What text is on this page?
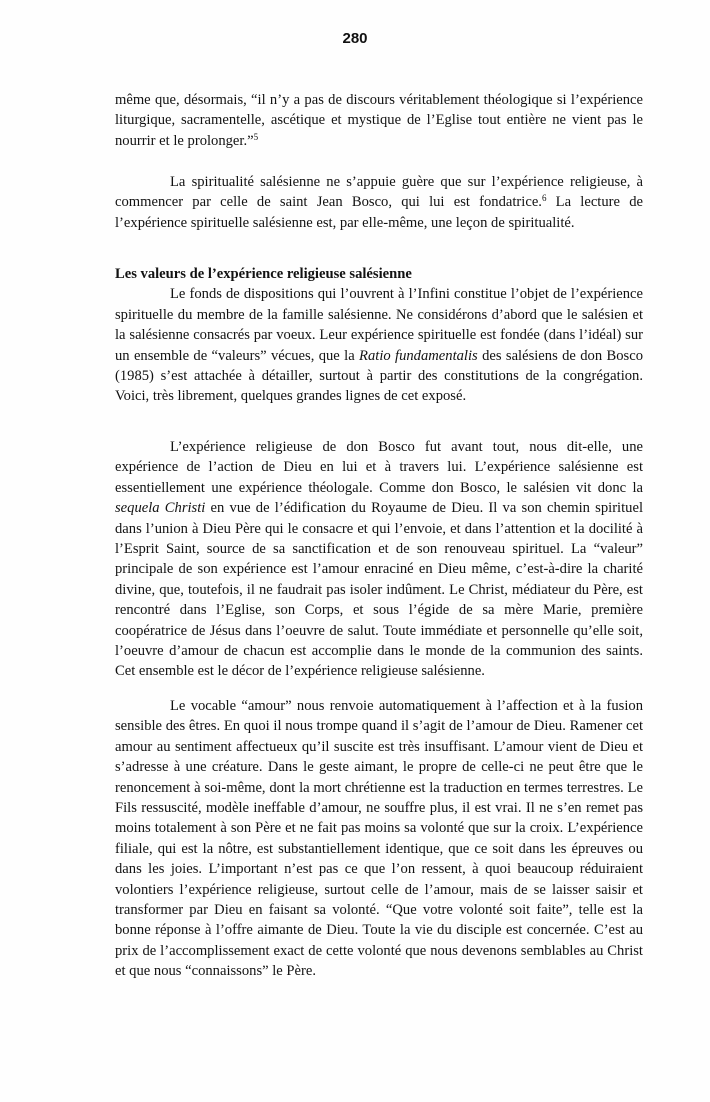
280

même que, désormais, “il n’y a pas de discours véritablement théologique si l’expérience liturgique, sacramentelle, ascétique et mystique de l’Eglise tout entière ne vient pas le nourrir et le prolonger.”$^5$

La spiritualité salésienne ne s’appuie guère que sur l’expérience religieuse, à commencer par celle de saint Jean Bosco, qui lui est fondatrice.$^6$ La lecture de l’expérience spirituelle salésienne est, par elle-même, une leçon de spiritualité.

Les valeurs de l’expérience religieuse salésienne

Le fonds de dispositions qui l’ouvrent à l’Infini constitue l’objet de l’expérience spirituelle du membre de la famille salésienne. Ne considérons d’abord que le salésien et la salésienne consacrés par voeux. Leur expérience spirituelle est fondée (dans l’idéal) sur un ensemble de “valeurs” vécues, que la Ratio fundamentalis des salésiens de don Bosco (1985) s’est attachée à détailler, surtout à partir des constitutions de la congrégation. Voici, très librement, quelques grandes lignes de cet exposé.

L’expérience religieuse de don Bosco fut avant tout, nous dit-elle, une expérience de l’action de Dieu en lui et à travers lui. L’expérience salésienne est essentiellement une expérience théologale. Comme don Bosco, le salésien vit donc la sequela Christi en vue de l’édification du Royaume de Dieu. Il va son chemin spirituel dans l’union à Dieu Père qui le consacre et qui l’envoie, et dans l’attention et la docilité à l’Esprit Saint, source de sa sanctification et de son renouveau spirituel. La “valeur” principale de son expérience est l’amour enraciné en Dieu même, c’est-à-dire la charité divine, que, toutefois, il ne faudrait pas isoler indûment. Le Christ, médiateur du Père, est rencontré dans l’Eglise, son Corps, et sous l’égide de sa mère Marie, première coopératrice de Jésus dans l’oeuvre de salut. Toute immédiate et personnelle qu’elle soit, l’oeuvre d’amour de chacun est accomplie dans le monde de la communion des saints. Cet ensemble est le décor de l’expérience religieuse salésienne.

Le vocable “amour” nous renvoie automatiquement à l’affection et à la fusion sensible des êtres. En quoi il nous trompe quand il s’agit de l’amour de Dieu. Ramener cet amour au sentiment affectueux qu’il suscite est très insuffisant. L’amour vient de Dieu et s’adresse à une créature. Dans le geste aimant, le propre de celle-ci ne peut être que le renoncement à soi-même, dont la mort chrétienne est la traduction en termes terrestres. Le Fils ressuscité, modèle ineffable d’amour, ne souffre plus, il est vrai. Il ne s’en remet pas moins totalement à son Père et ne fait pas moins sa volonté que sur la croix. L’expérience filiale, qui est la nôtre, est substantiellement identique, que ce soit dans les épreuves ou dans les joies. L’important n’est pas ce que l’on ressent, à quoi beaucoup réduiraient volontiers l’expérience religieuse, surtout celle de l’amour, mais de se laisser saisir et transformer par Dieu en faisant sa volonté. “Que votre volonté soit faite”, telle est la bonne réponse à l’offre aimante de Dieu. Toute la vie du disciple est concernée. C’est au prix de l’accomplissement exact de cette volonté que nous devenons semblables au Christ et que nous “connaissons” le Père.
